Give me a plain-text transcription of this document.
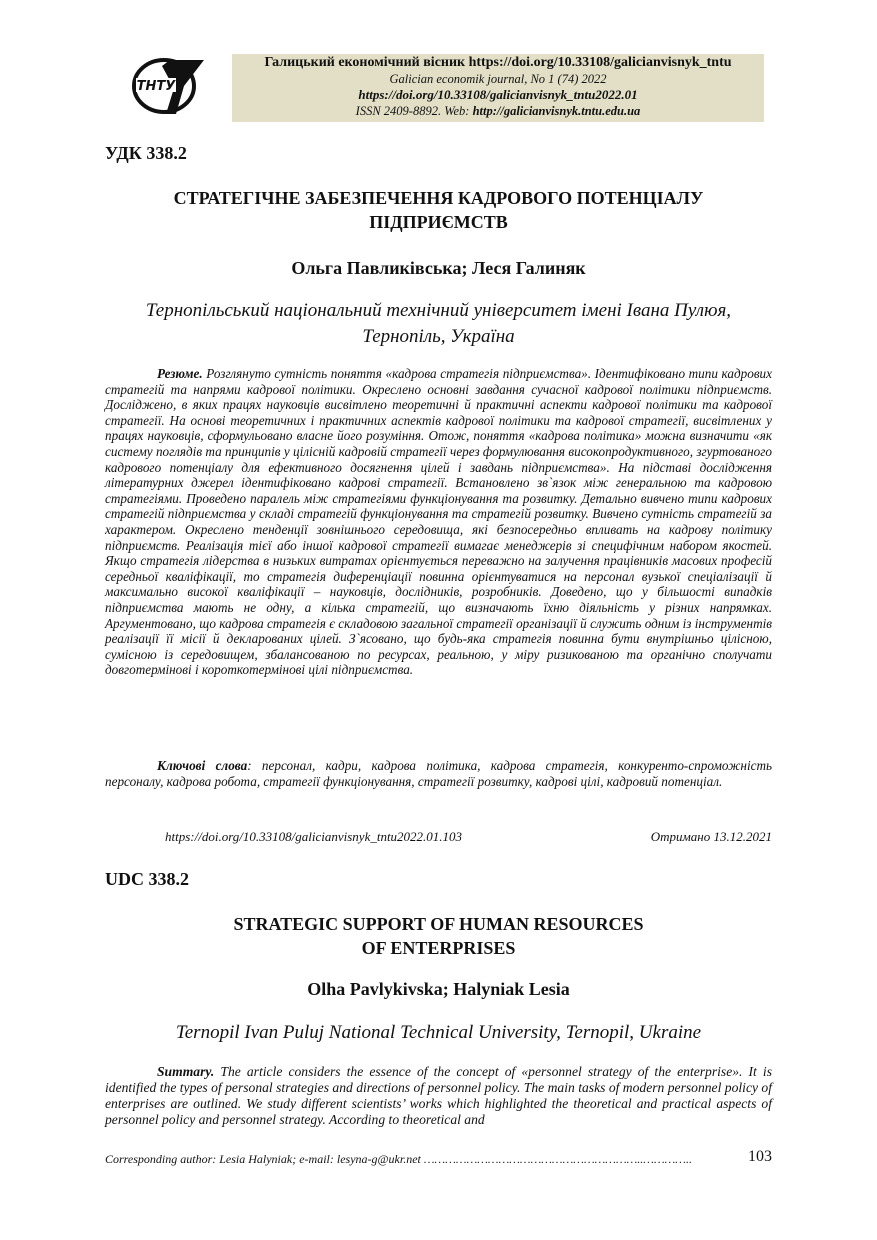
ТНТУ
Галицький економічний вісник https://doi.org/10.33108/galicianvisnyk_tntu
Galician economik journal, No 1 (74) 2022
https://doi.org/10.33108/galicianvisnyk_tntu2022.01
ISSN 2409-8892. Web: http://galicianvisnyk.tntu.edu.ua
УДК 338.2
СТРАТЕГІЧНЕ ЗАБЕЗПЕЧЕННЯ КАДРОВОГО ПОТЕНЦІАЛУ
ПІДПРИЄМСТВ
Ольга Павликівська; Леся Галиняк
Тернопільський національний технічний університет імені Івана Пулюя,
Тернопіль, Україна
Резюме. Розглянуто сутність поняття «кадрова стратегія підприємства». Ідентифіковано типи кадрових стратегій та напрями кадрової політики. Окреслено основні завдання сучасної кадрової політики підприємств. Досліджено, в яких працях науковців висвітлено теоретичні й практичні аспекти кадрової політики та кадрової стратегії. На основі теоретичних і практичних аспектів кадрової політики та кадрової стратегії, висвітлених у працях науковців, сформульовано власне його розуміння. Отож, поняття «кадрова політика» можна визначити «як систему поглядів та принципів у цілісній кадровій стратегії через формулювання високопродуктивного, згуртованого кадрового потенціалу для ефективного досягнення цілей і завдань підприємства». На підставі дослідження літературних джерел ідентифіковано кадрові стратегії. Встановлено зв`язок між генеральною та кадровою стратегіями. Проведено паралель між стратегіями функціонування та розвитку. Детально вивчено типи кадрових стратегій підприємства у складі стратегій функціонування та стратегій розвитку. Вивчено сутність стратегій за характером. Окреслено тенденції зовнішнього середовища, які безпосередньо впливать на кадрову політику підприємств. Реалізація тієї або іншої кадрової стратегії вимагає менеджерів зі специфічним набором якостей. Якщо стратегія лідерства в низьких витратах орієнтується переважно на залучення працівників масових професій середньої кваліфікації, то стратегія диференціації повинна орієнтуватися на персонал вузької спеціалізації й максимально високої кваліфікації – науковців, дослідників, розробників. Доведено, що у більшості випадків підприємства мають не одну, а кілька стратегій, що визначають їхню діяльність у різних напрямках. Аргументовано, що кадрова стратегія є складовою загальної стратегії організації й служить одним із інструментів реалізації її місії й декларованих цілей. З`ясовано, що будь-яка стратегія повинна бути внутрішньо цілісною, сумісною із середовищем, збалансованою по ресурсах, реальною, у міру ризикованою та органічно сполучати довготермінові і короткотермінові цілі підприємства.
Ключові слова: персонал, кадри, кадрова політика, кадрова стратегія, конкуренто-спроможність персоналу, кадрова робота, стратегії функціонування, стратегії розвитку, кадрові цілі, кадровий потенціал.
https://doi.org/10.33108/galicianvisnyk_tntu2022.01.103	Отримано 13.12.2021
UDC 338.2
STRATEGIC SUPPORT OF HUMAN RESOURCES
OF ENTERPRISES
Olha Pavlykivska; Halyniak Lesia
Ternopil Ivan Puluj National Technical University, Ternopil, Ukraine
Summary. The article considers the essence of the concept of «personnel strategy of the enterprise». It is identified the types of personal strategies and directions of personnel policy. The main tasks of modern personnel policy of enterprises are outlined. We study different scientists’ works which highlighted the theoretical and practical aspects of personnel policy and personnel strategy. According to theoretical and
Corresponding author: Lesia Halyniak; e-mail: lesyna-g@ukr.net ……………………………………………………..…………..	103
